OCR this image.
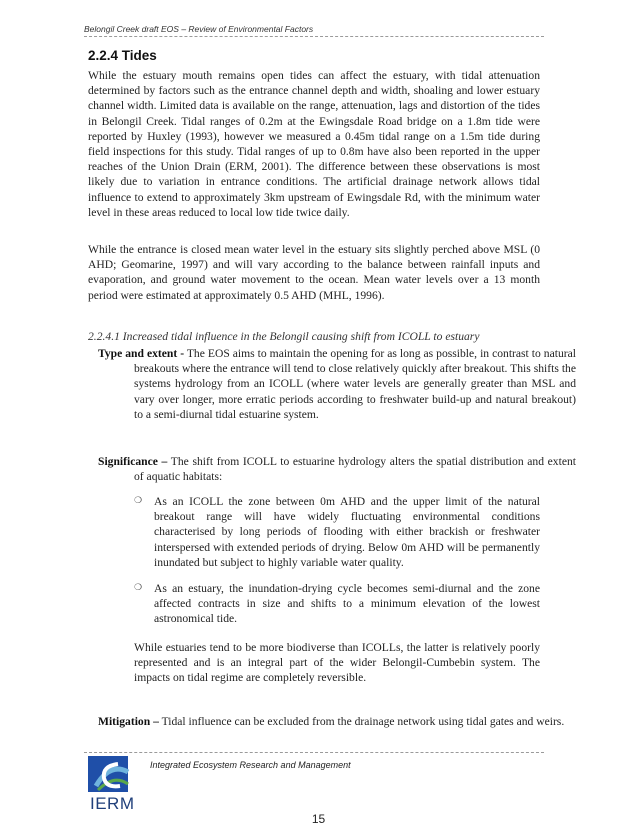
Belongil Creek draft EOS – Review of Environmental Factors
2.2.4 Tides

While the estuary mouth remains open tides can affect the estuary, with tidal attenuation determined by factors such as the entrance channel depth and width, shoaling and lower estuary channel width. Limited data is available on the range, attenuation, lags and distortion of the tides in Belongil Creek. Tidal ranges of 0.2m at the Ewingsdale Road bridge on a 1.8m tide were reported by Huxley (1993), however we measured a 0.45m tidal range on a 1.5m tide during field inspections for this study. Tidal ranges of up to 0.8m have also been reported in the upper reaches of the Union Drain (ERM, 2001). The difference between these observations is most likely due to variation in entrance conditions. The artificial drainage network allows tidal influence to extend to approximately 3km upstream of Ewingsdale Rd, with the minimum water level in these areas reduced to local low tide twice daily.

While the entrance is closed mean water level in the estuary sits slightly perched above MSL (0 AHD; Geomarine, 1997) and will vary according to the balance between rainfall inputs and evaporation, and ground water movement to the ocean. Mean water levels over a 13 month period were estimated at approximately 0.5 AHD (MHL, 1996).

2.2.4.1 Increased tidal influence in the Belongil causing shift from ICOLL to estuary

Type and extent - The EOS aims to maintain the opening for as long as possible, in contrast to natural breakouts where the entrance will tend to close relatively quickly after breakout. This shifts the systems hydrology from an ICOLL (where water levels are generally greater than MSL and vary over longer, more erratic periods according to freshwater build-up and natural breakout) to a semi-diurnal tidal estuarine system.

Significance – The shift from ICOLL to estuarine hydrology alters the spatial distribution and extent of aquatic habitats:

❍ As an ICOLL the zone between 0m AHD and the upper limit of the natural breakout range will have widely fluctuating environmental conditions characterised by long periods of flooding with either brackish or freshwater interspersed with extended periods of drying. Below 0m AHD will be permanently inundated but subject to highly variable water quality.
❍ As an estuary, the inundation-drying cycle becomes semi-diurnal and the zone affected contracts in size and shifts to a minimum elevation of the lowest astronomical tide.

While estuaries tend to be more biodiverse than ICOLLs, the latter is relatively poorly represented and is an integral part of the wider Belongil-Cumbebin system. The impacts on tidal regime are completely reversible.

Mitigation – Tidal influence can be excluded from the drainage network using tidal gates and weirs.

IERM
Integrated Ecosystem Research and Management
15
